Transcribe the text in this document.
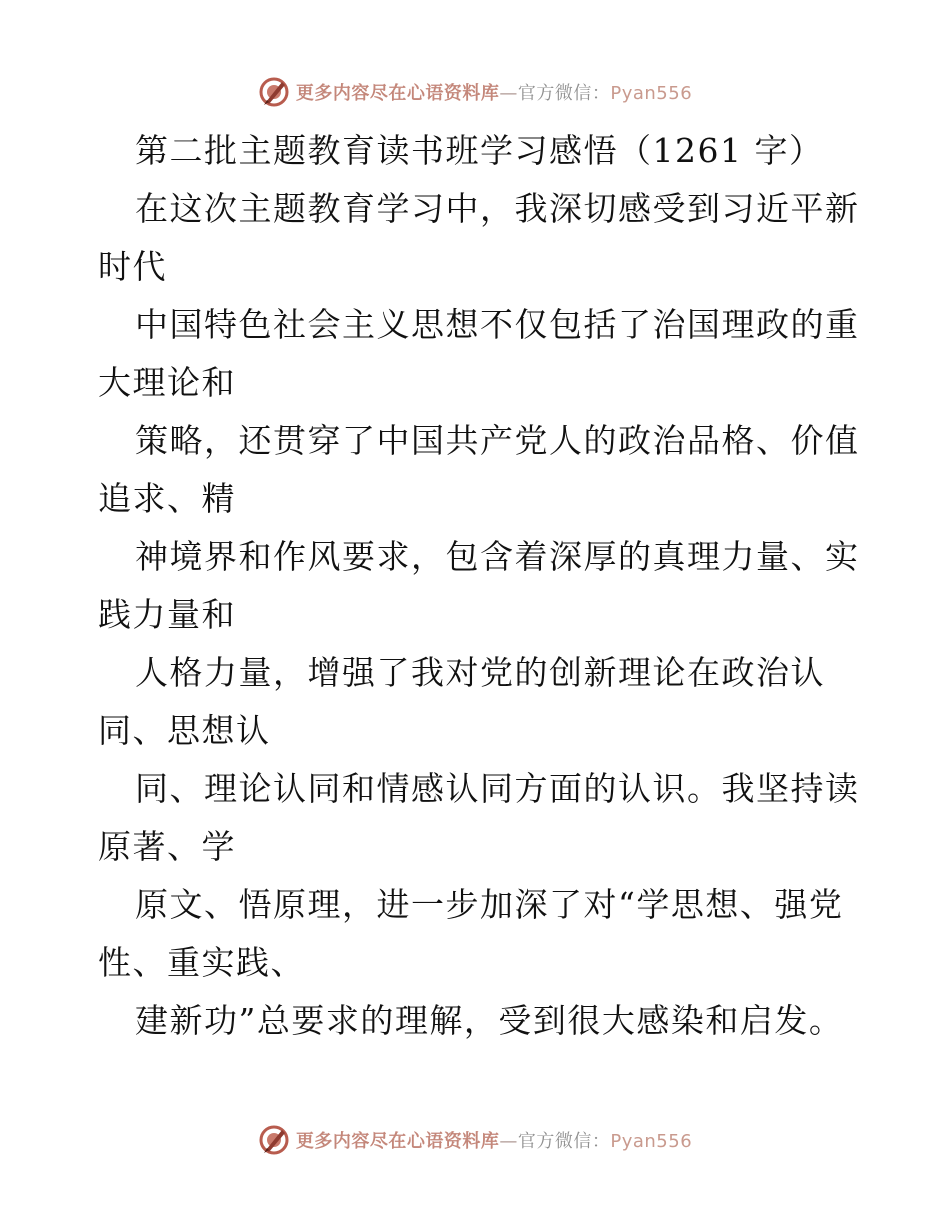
更多内容尽在心语资料库—官方微信：Pyan556
第二批主题教育读书班学习感悟（1261 字）
在这次主题教育学习中，我深切感受到习近平新
时代
中国特色社会主义思想不仅包括了治国理政的重
大理论和
策略，还贯穿了中国共产党人的政治品格、价值
追求、精
神境界和作风要求，包含着深厚的真理力量、实
践力量和
人格力量，增强了我对党的创新理论在政治认
同、思想认
同、理论认同和情感认同方面的认识。我坚持读
原著、学
原文、悟原理，进一步加深了对“学思想、强党
性、重实践、
建新功”总要求的理解，受到很大感染和启发。
更多内容尽在心语资料库—官方微信：Pyan556
